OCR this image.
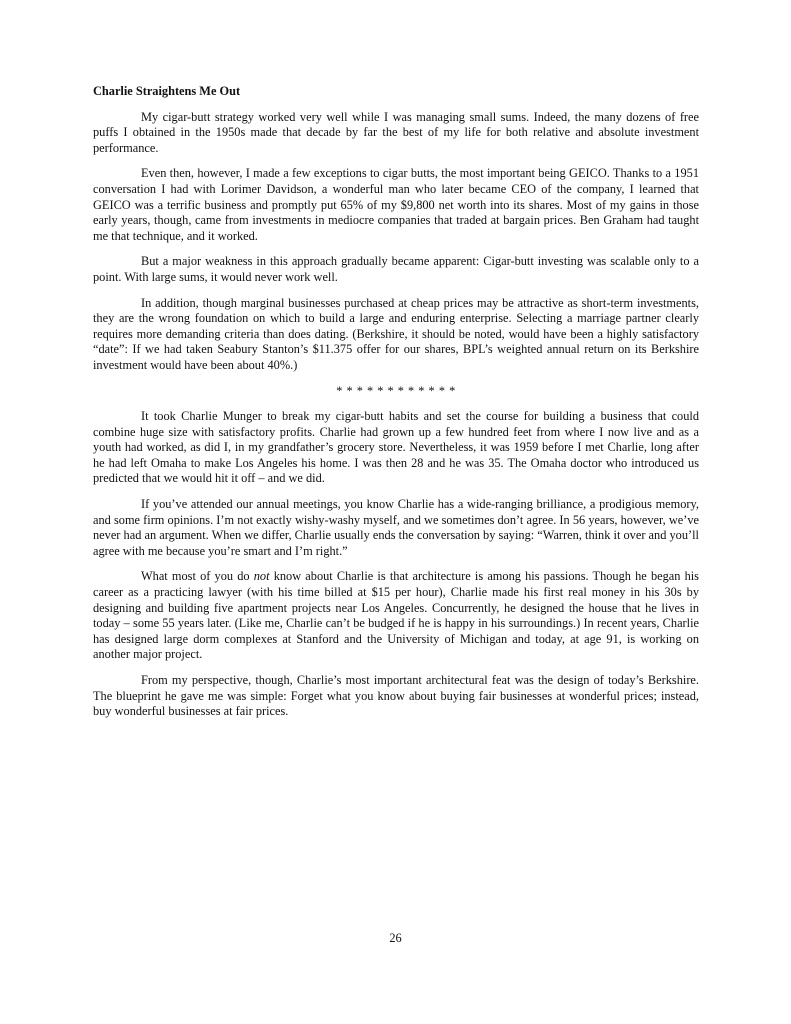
Charlie Straightens Me Out

My cigar-butt strategy worked very well while I was managing small sums. Indeed, the many dozens of free puffs I obtained in the 1950s made that decade by far the best of my life for both relative and absolute investment performance.

Even then, however, I made a few exceptions to cigar butts, the most important being GEICO. Thanks to a 1951 conversation I had with Lorimer Davidson, a wonderful man who later became CEO of the company, I learned that GEICO was a terrific business and promptly put 65% of my $9,800 net worth into its shares. Most of my gains in those early years, though, came from investments in mediocre companies that traded at bargain prices. Ben Graham had taught me that technique, and it worked.

But a major weakness in this approach gradually became apparent: Cigar-butt investing was scalable only to a point. With large sums, it would never work well.

In addition, though marginal businesses purchased at cheap prices may be attractive as short-term investments, they are the wrong foundation on which to build a large and enduring enterprise. Selecting a marriage partner clearly requires more demanding criteria than does dating. (Berkshire, it should be noted, would have been a highly satisfactory “date”: If we had taken Seabury Stanton’s $11.375 offer for our shares, BPL’s weighted annual return on its Berkshire investment would have been about 40%.)

* * * * * * * * * * * *

It took Charlie Munger to break my cigar-butt habits and set the course for building a business that could combine huge size with satisfactory profits. Charlie had grown up a few hundred feet from where I now live and as a youth had worked, as did I, in my grandfather’s grocery store. Nevertheless, it was 1959 before I met Charlie, long after he had left Omaha to make Los Angeles his home. I was then 28 and he was 35. The Omaha doctor who introduced us predicted that we would hit it off – and we did.

If you’ve attended our annual meetings, you know Charlie has a wide-ranging brilliance, a prodigious memory, and some firm opinions. I’m not exactly wishy-washy myself, and we sometimes don’t agree. In 56 years, however, we’ve never had an argument. When we differ, Charlie usually ends the conversation by saying: “Warren, think it over and you’ll agree with me because you’re smart and I’m right.”

What most of you do not know about Charlie is that architecture is among his passions. Though he began his career as a practicing lawyer (with his time billed at $15 per hour), Charlie made his first real money in his 30s by designing and building five apartment projects near Los Angeles. Concurrently, he designed the house that he lives in today – some 55 years later. (Like me, Charlie can’t be budged if he is happy in his surroundings.) In recent years, Charlie has designed large dorm complexes at Stanford and the University of Michigan and today, at age 91, is working on another major project.

From my perspective, though, Charlie’s most important architectural feat was the design of today’s Berkshire. The blueprint he gave me was simple: Forget what you know about buying fair businesses at wonderful prices; instead, buy wonderful businesses at fair prices.

26
